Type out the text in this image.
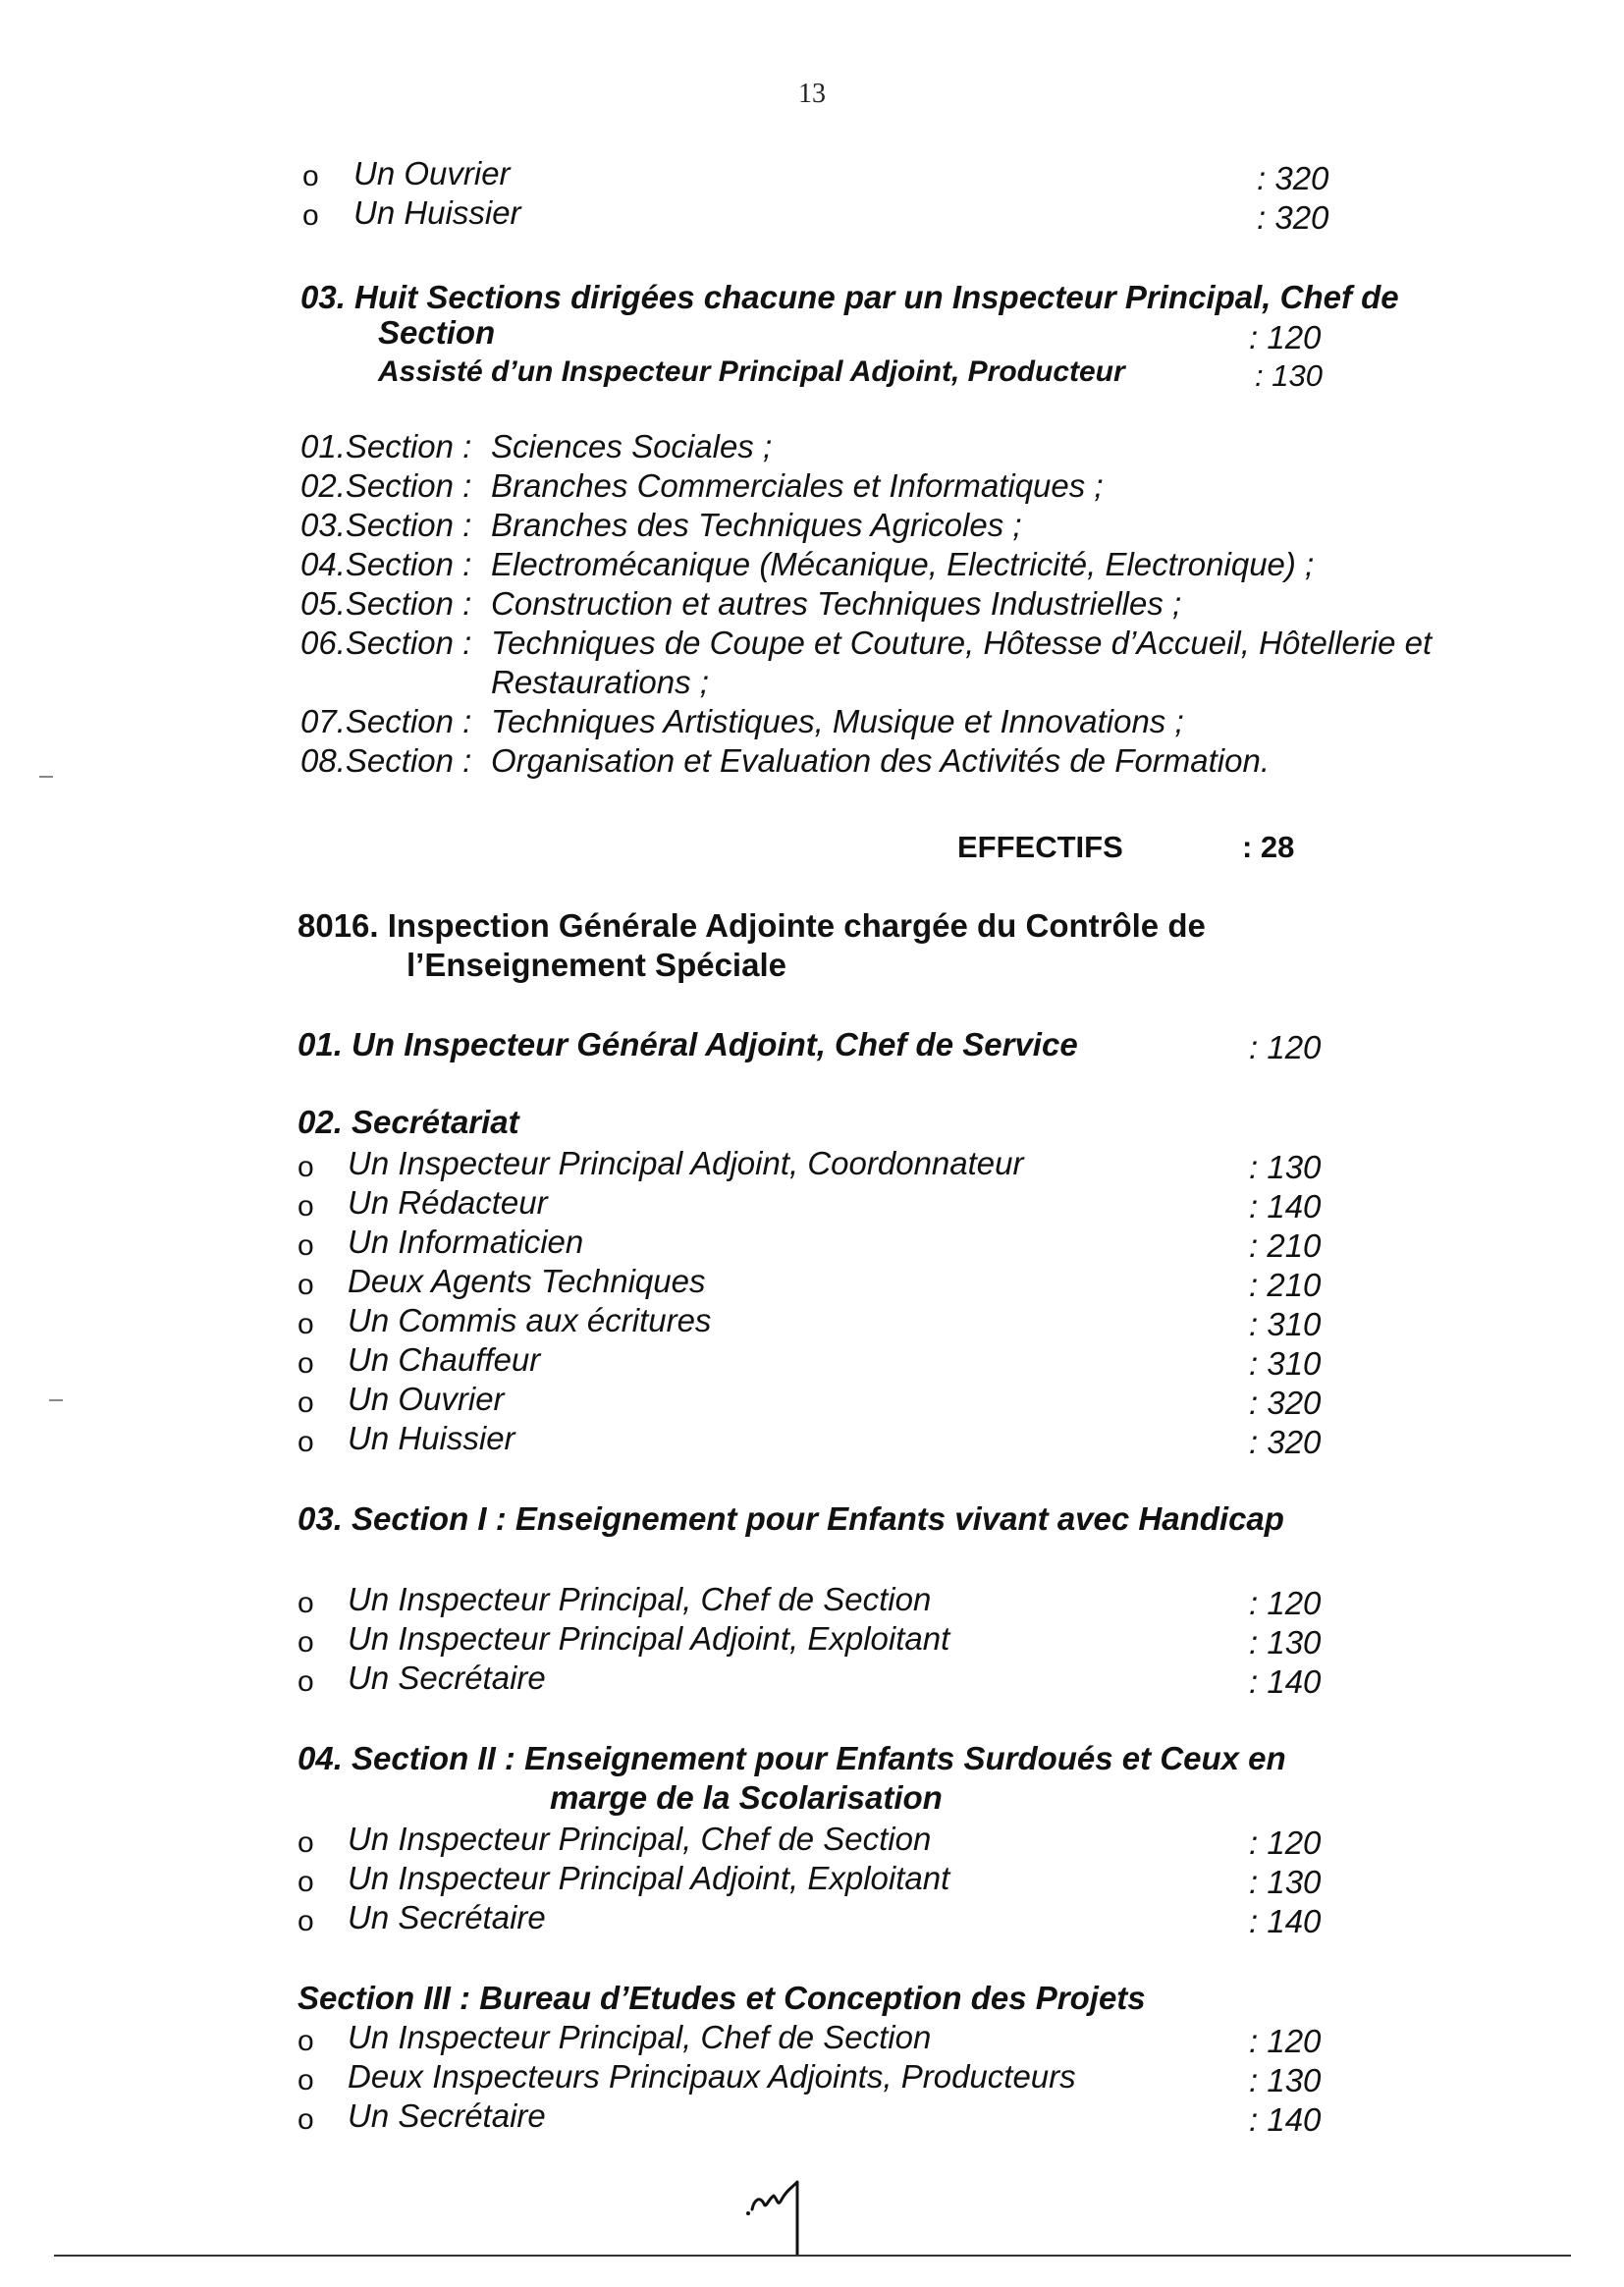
13
o Un Ouvrier	: 320
o Un Huissier	: 320
03. Huit Sections dirigées chacune par un Inspecteur Principal, Chef de
Section	: 120
Assisté d’un Inspecteur Principal Adjoint, Producteur	: 130
01.Section : Sciences Sociales ;
02.Section : Branches Commerciales et Informatiques ;
03.Section : Branches des Techniques Agricoles ;
04.Section : Electromécanique (Mécanique, Electricité, Electronique) ;
05.Section : Construction et autres Techniques Industrielles ;
06.Section : Techniques de Coupe et Couture, Hôtesse d’Accueil, Hôtellerie et
Restaurations ;
07.Section : Techniques Artistiques, Musique et Innovations ;
08.Section : Organisation et Evaluation des Activités de Formation.
EFFECTIFS	: 28
8016. Inspection Générale Adjointe chargée du Contrôle de
l’Enseignement Spéciale
01. Un Inspecteur Général Adjoint, Chef de Service	: 120
02. Secrétariat
o Un Inspecteur Principal Adjoint, Coordonnateur	: 130
o Un Rédacteur	: 140
o Un Informaticien	: 210
o Deux Agents Techniques	: 210
o Un Commis aux écritures	: 310
o Un Chauffeur	: 310
o Un Ouvrier	: 320
o Un Huissier	: 320
03. Section I : Enseignement pour Enfants vivant avec Handicap
o Un Inspecteur Principal, Chef de Section	: 120
o Un Inspecteur Principal Adjoint, Exploitant	: 130
o Un Secrétaire	: 140
04. Section II : Enseignement pour Enfants Surdoués et Ceux en
marge de la Scolarisation
o Un Inspecteur Principal, Chef de Section	: 120
o Un Inspecteur Principal Adjoint, Exploitant	: 130
o Un Secrétaire	: 140
Section III : Bureau d’Etudes et Conception des Projets
o Un Inspecteur Principal, Chef de Section	: 120
o Deux Inspecteurs Principaux Adjoints, Producteurs	: 130
o Un Secrétaire	: 140
